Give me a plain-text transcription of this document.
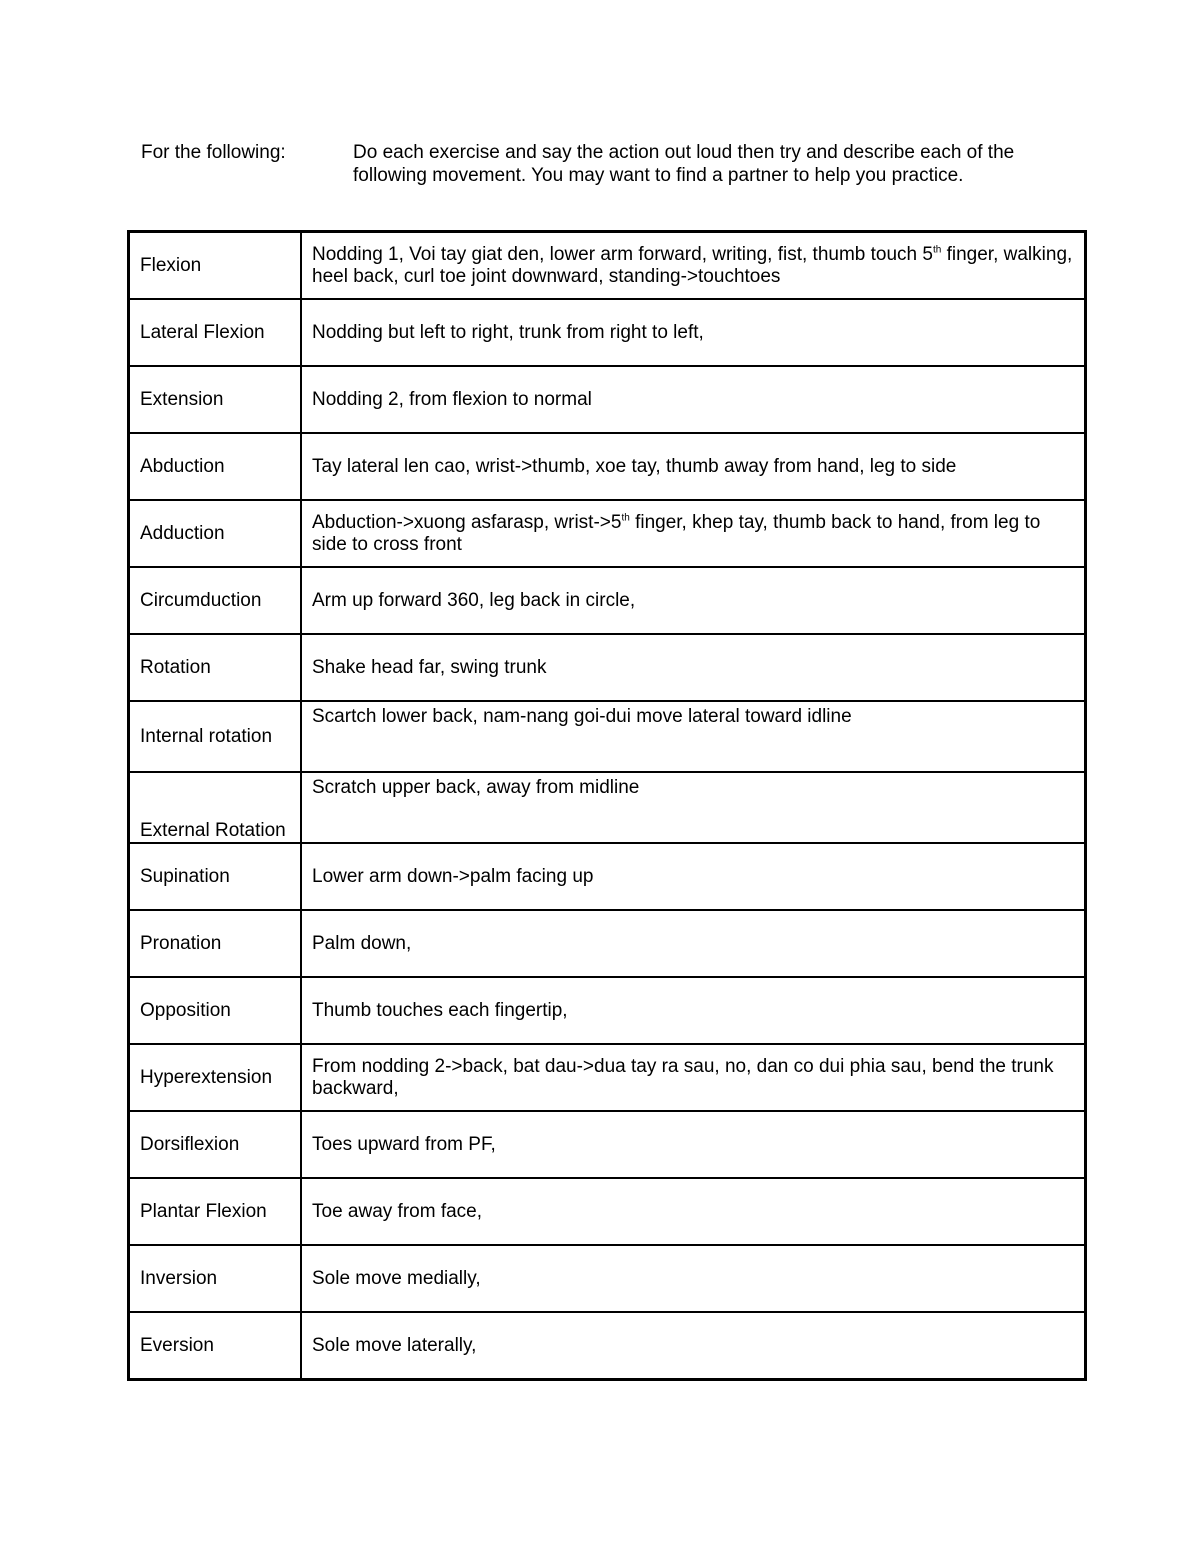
For the following:	Do each exercise and say the action out loud then try and describe each of the following movement. You may want to find a partner to help you practice.
Flexion	Nodding 1, Voi tay giat den, lower arm forward, writing, fist, thumb touch 5th finger, walking, heel back, curl toe joint downward, standing->touchtoes
Lateral Flexion	Nodding but left to right, trunk from right to left,
Extension	Nodding 2, from flexion to normal
Abduction	Tay lateral len cao, wrist->thumb, xoe tay, thumb away from hand, leg to side
Adduction	Abduction->xuong asfarasp, wrist->5th finger, khep tay, thumb back to hand, from leg to side to cross front
Circumduction	Arm up forward 360, leg back in circle,
Rotation	Shake head far, swing trunk
Internal rotation	Scartch lower back, nam-nang goi-dui move lateral toward idline
External Rotation	Scratch upper back, away from midline
Supination	Lower arm down->palm facing up
Pronation	Palm down,
Opposition	Thumb touches each fingertip,
Hyperextension	From nodding 2->back, bat dau->dua tay ra sau, no, dan co dui phia sau, bend the trunk backward,
Dorsiflexion	Toes upward from PF,
Plantar Flexion	Toe away from face,
Inversion	Sole move medially,
Eversion	Sole move laterally,
